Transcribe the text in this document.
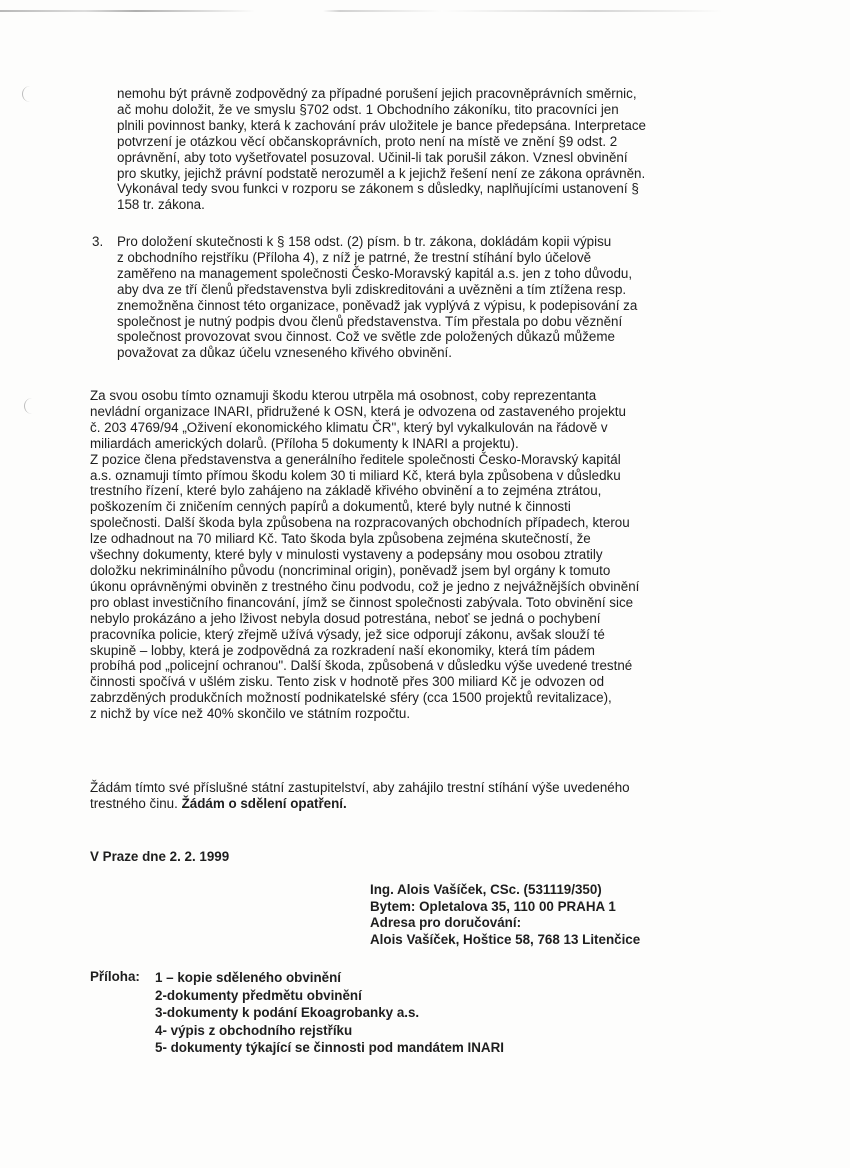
nemohu být právně zodpovědný za případné porušení jejich pracovněprávních směrnic,
ač mohu doložit, že ve smyslu §702 odst. 1 Obchodního zákoníku, tito pracovníci jen
plnili povinnost banky, která k zachování práv uložitele je bance předepsána. Interpretace
potvrzení je otázkou věcí občanskoprávních, proto není na místě ve znění §9 odst. 2
oprávnění, aby toto vyšetřovatel posuzoval. Učinil-li tak porušil zákon. Vznesl obvinění
pro skutky, jejichž právní podstatě nerozuměl a k jejichž řešení není ze zákona oprávněn.
Vykonával tedy svou funkci v rozporu se zákonem s důsledky, naplňujícími ustanovení §
158 tr. zákona.
3. Pro doložení skutečnosti k § 158 odst. (2) písm. b tr. zákona, dokládám kopii výpisu
z obchodního rejstříku (Příloha 4), z níž je patrné, že trestní stíhání bylo účelově
zaměřeno na management společnosti Česko-Moravský kapitál a.s. jen z toho důvodu,
aby dva ze tří členů představenstva byli zdiskreditováni a uvězněni a tím ztížena resp.
znemožněna činnost této organizace, poněvadž jak vyplývá z výpisu, k podepisování za
společnost je nutný podpis dvou členů představenstva. Tím přestala po dobu věznění
společnost provozovat svou činnost. Což ve světle zde položených důkazů můžeme
považovat za důkaz účelu vzneseného křivého obvinění.
Za svou osobu tímto oznamuji škodu kterou utrpěla má osobnost, coby reprezentanta
nevládní organizace INARI, přidružené k OSN, která je odvozena od zastaveného projektu
č. 203 4769/94 „Oživení ekonomického klimatu ČR", který byl vykalkulován na řádově v
miliardách amerických dolarů. (Příloha 5 dokumenty k INARI a projektu).
Z pozice člena představenstva a generálního ředitele společnosti Česko-Moravský kapitál
a.s. oznamuji tímto přímou škodu kolem 30 ti miliard Kč, která byla způsobena v důsledku
trestního řízení, které bylo zahájeno na základě křivého obvinění a to zejména ztrátou,
poškozením či zničením cenných papírů a dokumentů, které byly nutné k činnosti
společnosti. Další škoda byla způsobena na rozpracovaných obchodních případech, kterou
lze odhadnout na 70 miliard Kč. Tato škoda byla způsobena zejména skutečností, že
všechny dokumenty, které byly v minulosti vystaveny a podepsány mou osobou ztratily
doložku nekriminálního původu (noncriminal origin), poněvadž jsem byl orgány k tomuto
úkonu oprávněnými obviněn z trestného činu podvodu, což je jedno z nejvážnějších obvinění
pro oblast investičního financování, jímž se činnost společnosti zabývala. Toto obvinění sice
nebylo prokázáno a jeho lživost nebyla dosud potrestána, neboť se jedná o pochybení
pracovníka policie, který zřejmě užívá výsady, jež sice odporují zákonu, avšak slouží té
skupině – lobby, která je zodpovědná za rozkradení naší ekonomiky, která tím pádem
probíhá pod „policejní ochranou". Další škoda, způsobená v důsledku výše uvedené trestné
činnosti spočívá v ušlém zisku. Tento zisk v hodnotě přes 300 miliard Kč je odvozen od
zabrzděných produkčních možností podnikatelské sféry (cca 1500 projektů revitalizace),
z nichž by více než 40% skončilo ve státním rozpočtu.
Žádám tímto své příslušné státní zastupitelství, aby zahájilo trestní stíhání výše uvedeného
trestného činu. Žádám o sdělení opatření.
V Praze dne 2. 2. 1999
Ing. Alois Vašíček, CSc. (531119/350)
Bytem: Opletalova 35, 110 00 PRAHA 1
Adresa pro doručování:
Alois Vašíček, Hoštice 58, 768 13 Litenčice
Příloha: 1 – kopie sděleného obvinění
2-dokumenty předmětu obvinění
3-dokumenty k podání Ekoagrobanky a.s.
4- výpis z obchodního rejstříku
5- dokumenty týkající se činnosti pod mandátem INARI
